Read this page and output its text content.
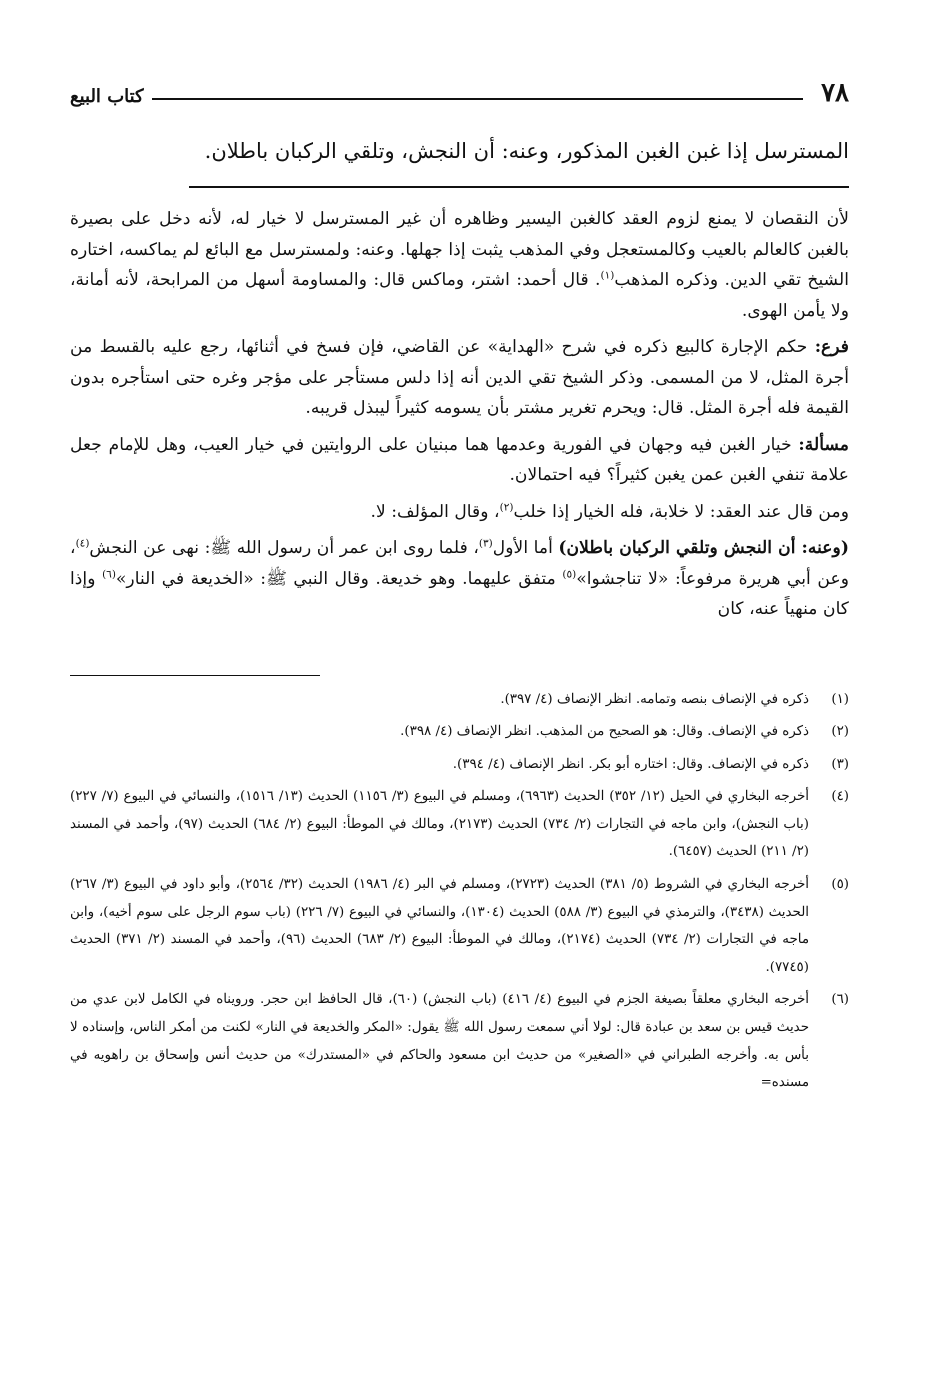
٧٨
كتاب البيع
المسترسل إذا غبن الغبن المذكور، وعنه: أن النجش، وتلقي الركبان باطلان.

لأن النقصان لا يمنع لزوم العقد كالغبن اليسير وظاهره أن غير المسترسل لا خيار له، لأنه دخل على بصيرة بالغبن كالعالم بالعيب وكالمستعجل وفي المذهب يثبت إذا جهلها. وعنه: ولمسترسل مع البائع لم يماكسه، اختاره الشيخ تقي الدين. وذكره المذهب$^{(١)}$. قال أحمد: اشتر، وماكس قال: والمساومة أسهل من المرابحة، لأنه أمانة، ولا يأمن الهوى.

فرع: حكم الإجارة كالبيع ذكره في شرح «الهداية» عن القاضي، فإن فسخ في أثنائها، رجع عليه بالقسط من أجرة المثل، لا من المسمى. وذكر الشيخ تقي الدين أنه إذا دلس مستأجر على مؤجر وغره حتى استأجره بدون القيمة فله أجرة المثل. قال: ويحرم تغرير مشتر بأن يسومه كثيراً ليبذل قريبه.

مسألة: خيار الغبن فيه وجهان في الفورية وعدمها هما مبنيان على الروايتين في خيار العيب، وهل للإمام جعل علامة تنفي الغبن عمن يغبن كثيراً؟ فيه احتمالان.

ومن قال عند العقد: لا خلابة، فله الخيار إذا خلب$^{(٢)}$، وقال المؤلف: لا.

(وعنه: أن النجش وتلقي الركبان باطلان) أما الأول$^{(٣)}$، فلما روى ابن عمر أن رسول الله ﷺ: نهى عن النجش$^{(٤)}$، وعن أبي هريرة مرفوعاً: «لا تناجشوا»$^{(٥)}$ متفق عليهما. وهو خديعة. وقال النبي ﷺ: «الخديعة في النار»$^{(٦)}$ وإذا كان منهياً عنه، كان

(١)
ذكره في الإنصاف بنصه وتمامه. انظر الإنصاف (٤/ ٣٩٧).
(٢)
ذكره في الإنصاف. وقال: هو الصحيح من المذهب. انظر الإنصاف (٤/ ٣٩٨).
(٣)
ذكره في الإنصاف. وقال: اختاره أبو بكر. انظر الإنصاف (٤/ ٣٩٤).
(٤)
أخرجه البخاري في الحيل (١٢/ ٣٥٢) الحديث (٦٩٦٣)، ومسلم في البيوع (٣/ ١١٥٦) الحديث (١٣/ ١٥١٦)، والنسائي في البيوع (٧/ ٢٢٧) (باب النجش)، وابن ماجه في التجارات (٢/ ٧٣٤) الحديث (٢١٧٣)، ومالك في الموطأ: البيوع (٢/ ٦٨٤) الحديث (٩٧)، وأحمد في المسند (٢/ ٢١١) الحديث (٦٤٥٧).
(٥)
أخرجه البخاري في الشروط (٥/ ٣٨١) الحديث (٢٧٢٣)، ومسلم في البر (٤/ ١٩٨٦) الحديث (٣٢/ ٢٥٦٤)، وأبو داود في البيوع (٣/ ٢٦٧) الحديث (٣٤٣٨)، والترمذي في البيوع (٣/ ٥٨٨) الحديث (١٣٠٤)، والنسائي في البيوع (٧/ ٢٢٦) (باب سوم الرجل على سوم أخيه)، وابن ماجه في التجارات (٢/ ٧٣٤) الحديث (٢١٧٤)، ومالك في الموطأ: البيوع (٢/ ٦٨٣) الحديث (٩٦)، وأحمد في المسند (٢/ ٣٧١) الحديث (٧٧٤٥).
(٦)
أخرجه البخاري معلقاً بصيغة الجزم في البيوع (٤/ ٤١٦) (باب النجش) (٦٠)، قال الحافظ ابن حجر. ورويناه في الكامل لابن عدي من حديث قيس بن سعد بن عبادة قال: لولا أني سمعت رسول الله ﷺ يقول: «المكر والخديعة في النار» لكنت من أمكر الناس، وإسناده لا بأس به. وأخرجه الطبراني في «الصغير» من حديث ابن مسعود والحاكم في «المستدرك» من حديث أنس وإسحاق بن راهويه في مسنده=
